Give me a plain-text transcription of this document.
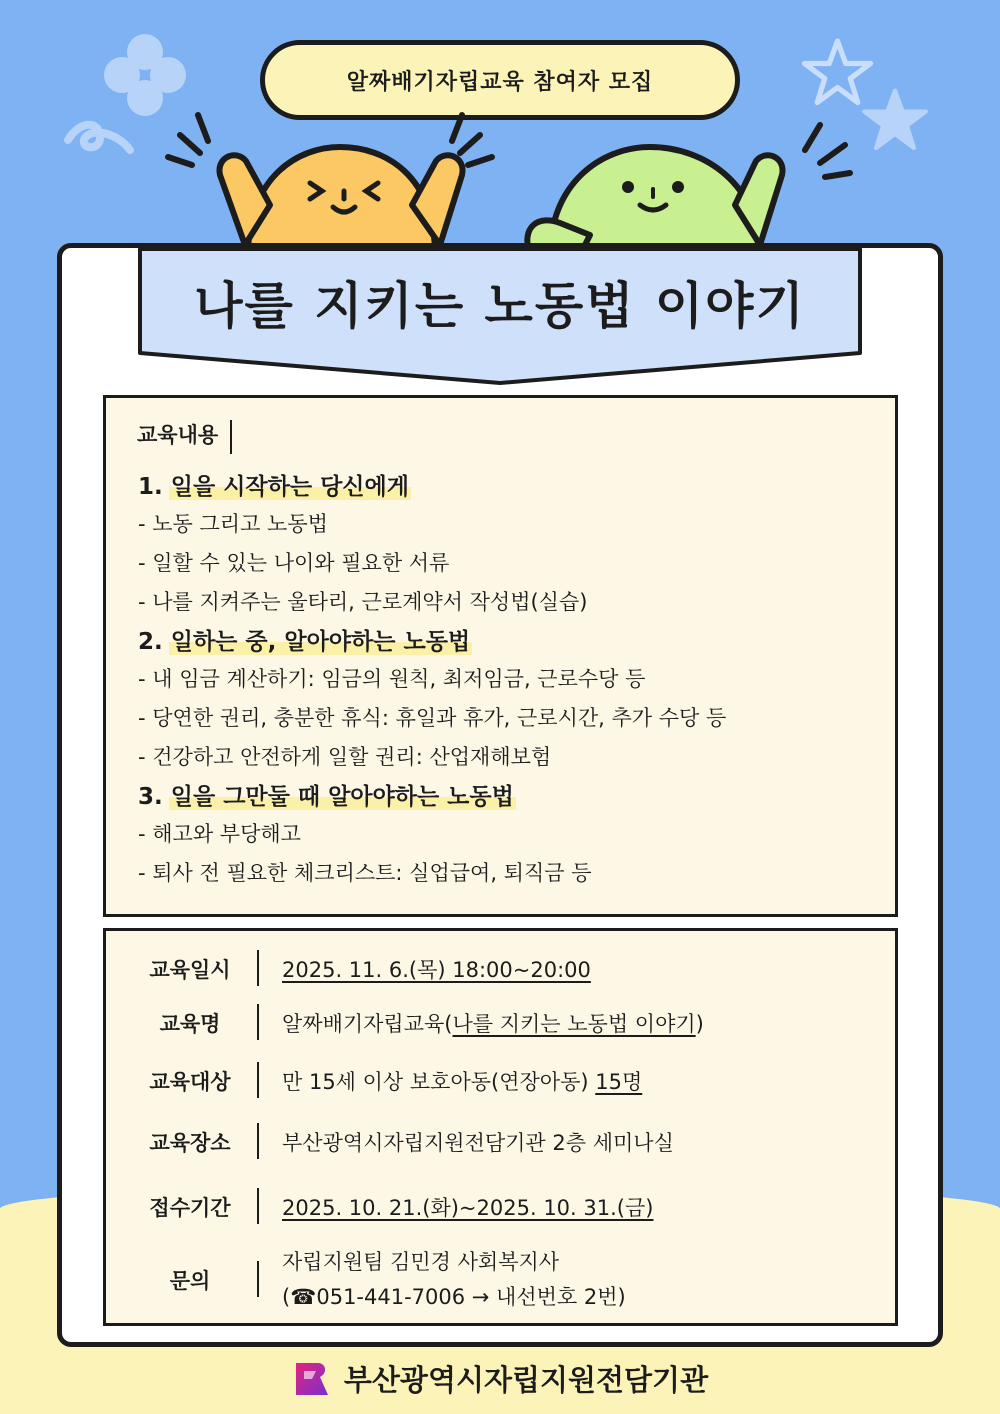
알짜배기자립교육 참여자 모집
나를 지키는 노동법 이야기
교육내용
1. 일을 시작하는 당신에게
- 노동 그리고 노동법
- 일할 수 있는 나이와 필요한 서류
- 나를 지켜주는 울타리, 근로계약서 작성법(실습)
2. 일하는 중, 알아야하는 노동법
- 내 임금 계산하기: 임금의 원칙, 최저임금, 근로수당 등
- 당연한 권리, 충분한 휴식: 휴일과 휴가, 근로시간, 추가 수당 등
- 건강하고 안전하게 일할 권리: 산업재해보험
3. 일을 그만둘 때 알아야하는 노동법
- 해고와 부당해고
- 퇴사 전 필요한 체크리스트: 실업급여, 퇴직금 등
교육일시	2025. 11. 6.(목) 18:00~20:00
교육명	알짜배기자립교육(나를 지키는 노동법 이야기)
교육대상	만 15세 이상 보호아동(연장아동) 15명
교육장소	부산광역시자립지원전담기관 2층 세미나실
접수기간	2025. 10. 21.(화)~2025. 10. 31.(금)
문의
자립지원팀 김민경 사회복지사
(☎051-441-7006 → 내선번호 2번)
부산광역시자립지원전담기관
